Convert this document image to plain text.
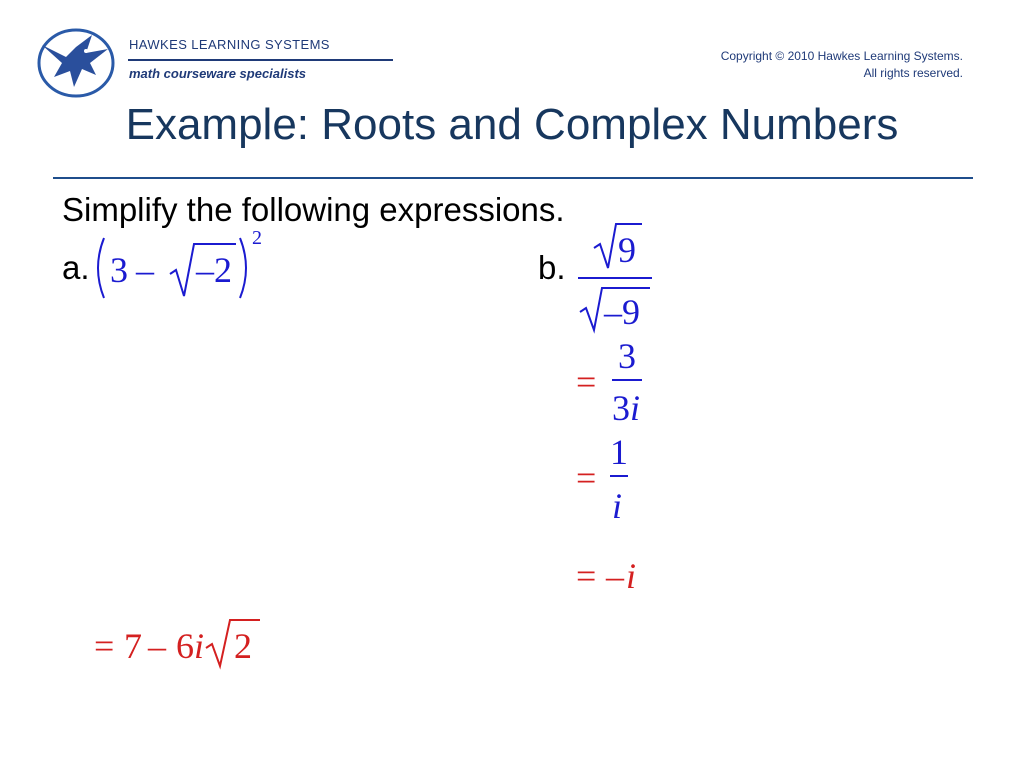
HAWKES LEARNING SYSTEMS
math courseware specialists
Copyright © 2010 Hawkes Learning Systems.
All rights reserved.
Example: Roots and Complex Numbers
Simplify the following expressions.
a.	b.
3 – –2
2
= 7 – 6 i 2
9
–9
=
3
3 i
=
1
i
= – i
